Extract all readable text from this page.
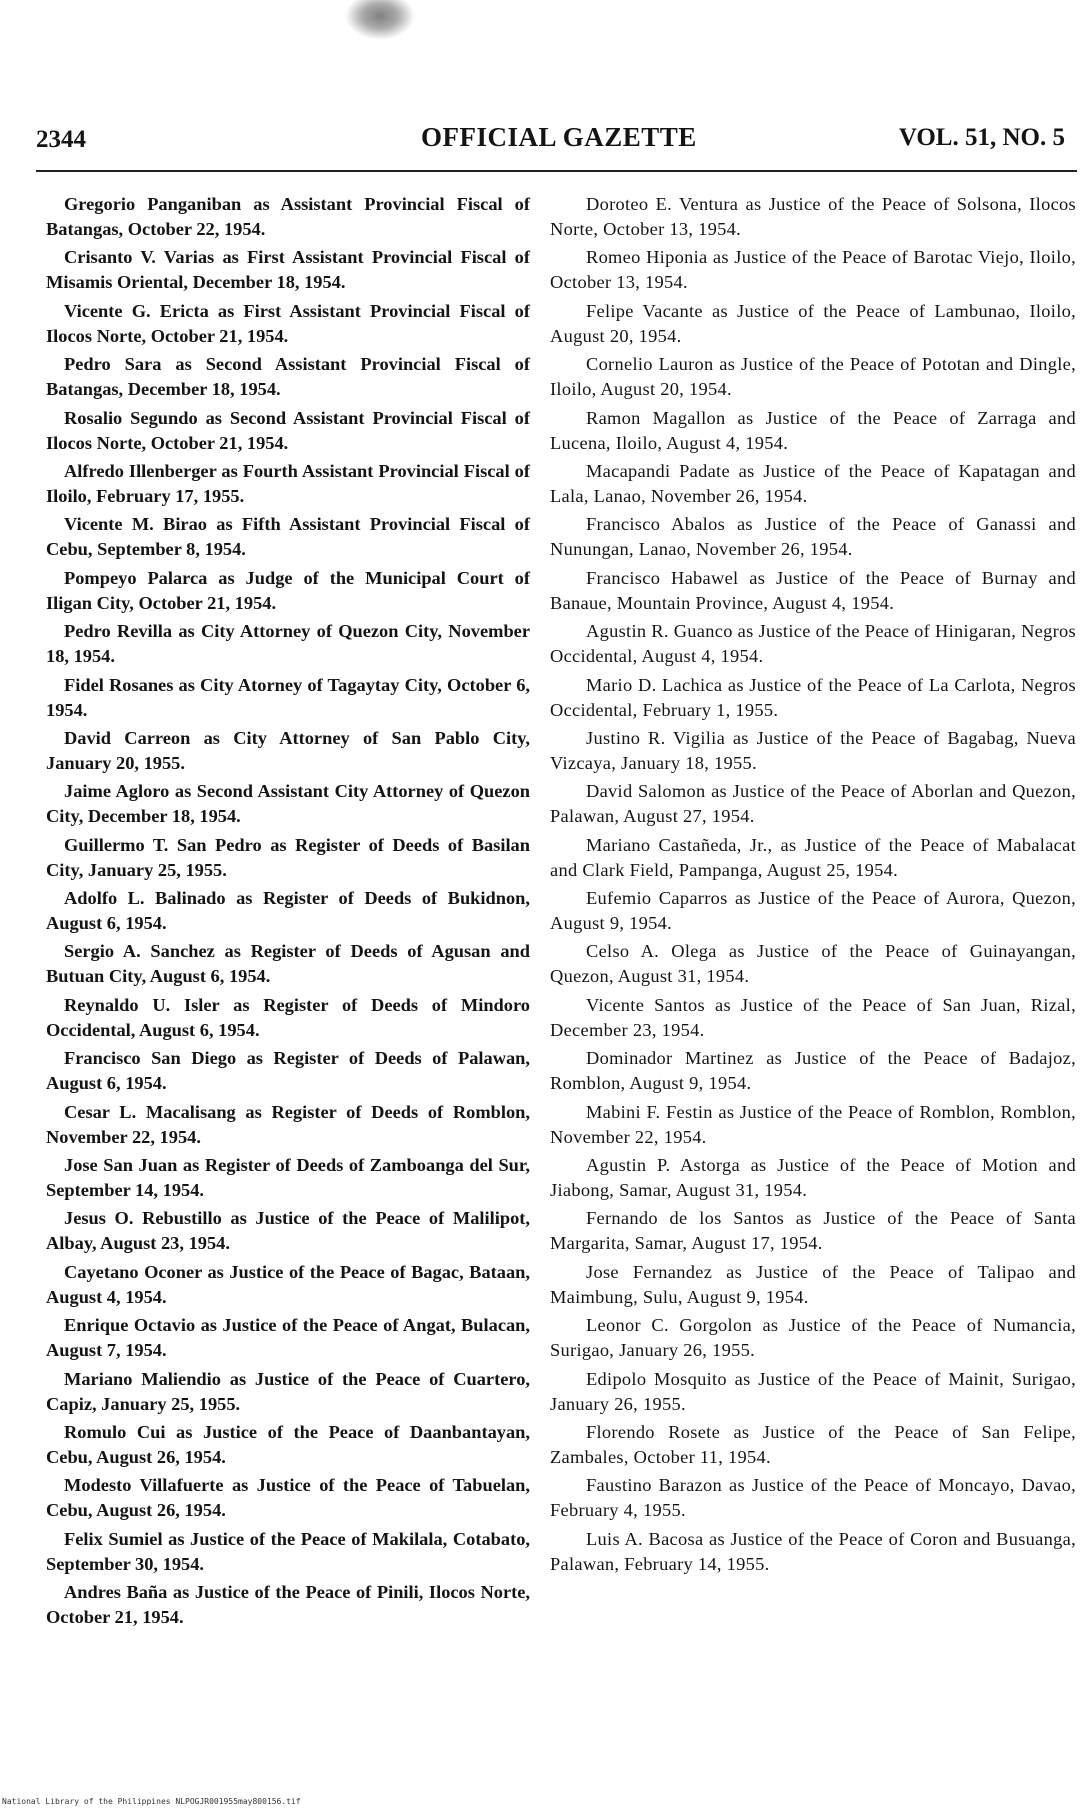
2344	OFFICIAL GAZETTE	VOL. 51, NO. 5

Gregorio Panganiban as Assistant Provincial Fiscal of Batangas, October 22, 1954.

Crisanto V. Varias as First Assistant Provincial Fiscal of Misamis Oriental, December 18, 1954.

Vicente G. Ericta as First Assistant Provincial Fiscal of Ilocos Norte, October 21, 1954.

Pedro Sara as Second Assistant Provincial Fiscal of Batangas, December 18, 1954.

Rosalio Segundo as Second Assistant Provincial Fiscal of Ilocos Norte, October 21, 1954.

Alfredo Illenberger as Fourth Assistant Provincial Fiscal of Iloilo, February 17, 1955.

Vicente M. Birao as Fifth Assistant Provincial Fiscal of Cebu, September 8, 1954.

Pompeyo Palarca as Judge of the Municipal Court of Iligan City, October 21, 1954.

Pedro Revilla as City Attorney of Quezon City, November 18, 1954.

Fidel Rosanes as City Atorney of Tagaytay City, October 6, 1954.

David Carreon as City Attorney of San Pablo City, January 20, 1955.

Jaime Agloro as Second Assistant City Attorney of Quezon City, December 18, 1954.

Guillermo T. San Pedro as Register of Deeds of Basilan City, January 25, 1955.

Adolfo L. Balinado as Register of Deeds of Bukidnon, August 6, 1954.

Sergio A. Sanchez as Register of Deeds of Agusan and Butuan City, August 6, 1954.

Reynaldo U. Isler as Register of Deeds of Mindoro Occidental, August 6, 1954.

Francisco San Diego as Register of Deeds of Palawan, August 6, 1954.

Cesar L. Macalisang as Register of Deeds of Romblon, November 22, 1954.

Jose San Juan as Register of Deeds of Zamboanga del Sur, September 14, 1954.

Jesus O. Rebustillo as Justice of the Peace of Malilipot, Albay, August 23, 1954.

Cayetano Oconer as Justice of the Peace of Bagac, Bataan, August 4, 1954.

Enrique Octavio as Justice of the Peace of Angat, Bulacan, August 7, 1954.

Mariano Maliendio as Justice of the Peace of Cuartero, Capiz, January 25, 1955.

Romulo Cui as Justice of the Peace of Daanbantayan, Cebu, August 26, 1954.

Modesto Villafuerte as Justice of the Peace of Tabuelan, Cebu, August 26, 1954.

Felix Sumiel as Justice of the Peace of Makilala, Cotabato, September 30, 1954.

Andres Baña as Justice of the Peace of Pinili, Ilocos Norte, October 21, 1954.

Doroteo E. Ventura as Justice of the Peace of Solsona, Ilocos Norte, October 13, 1954.

Romeo Hiponia as Justice of the Peace of Barotac Viejo, Iloilo, October 13, 1954.

Felipe Vacante as Justice of the Peace of Lambunao, Iloilo, August 20, 1954.

Cornelio Lauron as Justice of the Peace of Pototan and Dingle, Iloilo, August 20, 1954.

Ramon Magallon as Justice of the Peace of Zarraga and Lucena, Iloilo, August 4, 1954.

Macapandi Padate as Justice of the Peace of Kapatagan and Lala, Lanao, November 26, 1954.

Francisco Abalos as Justice of the Peace of Ganassi and Nunungan, Lanao, November 26, 1954.

Francisco Habawel as Justice of the Peace of Burnay and Banaue, Mountain Province, August 4, 1954.

Agustin R. Guanco as Justice of the Peace of Hinigaran, Negros Occidental, August 4, 1954.

Mario D. Lachica as Justice of the Peace of La Carlota, Negros Occidental, February 1, 1955.

Justino R. Vigilia as Justice of the Peace of Bagabag, Nueva Vizcaya, January 18, 1955.

David Salomon as Justice of the Peace of Aborlan and Quezon, Palawan, August 27, 1954.

Mariano Castañeda, Jr., as Justice of the Peace of Mabalacat and Clark Field, Pampanga, August 25, 1954.

Eufemio Caparros as Justice of the Peace of Aurora, Quezon, August 9, 1954.

Celso A. Olega as Justice of the Peace of Guinayangan, Quezon, August 31, 1954.

Vicente Santos as Justice of the Peace of San Juan, Rizal, December 23, 1954.

Dominador Martinez as Justice of the Peace of Badajoz, Romblon, August 9, 1954.

Mabini F. Festin as Justice of the Peace of Romblon, Romblon, November 22, 1954.

Agustin P. Astorga as Justice of the Peace of Motion and Jiabong, Samar, August 31, 1954.

Fernando de los Santos as Justice of the Peace of Santa Margarita, Samar, August 17, 1954.

Jose Fernandez as Justice of the Peace of Talipao and Maimbung, Sulu, August 9, 1954.

Leonor C. Gorgolon as Justice of the Peace of Numancia, Surigao, January 26, 1955.

Edipolo Mosquito as Justice of the Peace of Mainit, Surigao, January 26, 1955.

Florendo Rosete as Justice of the Peace of San Felipe, Zambales, October 11, 1954.

Faustino Barazon as Justice of the Peace of Moncayo, Davao, February 4, 1955.

Luis A. Bacosa as Justice of the Peace of Coron and Busuanga, Palawan, February 14, 1955.

National Library of the Philippines NLPOGJR001955may800156.tif
